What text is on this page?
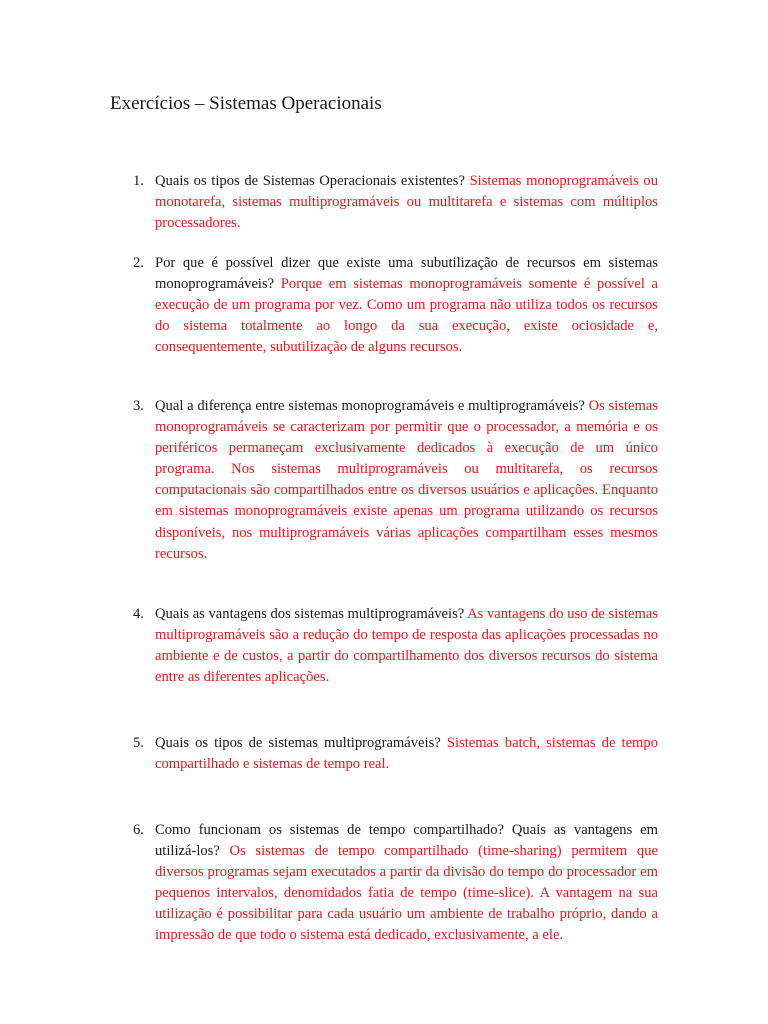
Exercícios – Sistemas Operacionais
1. Quais os tipos de Sistemas Operacionais existentes? Sistemas monoprogramáveis ou monotarefa, sistemas multiprogramáveis ou multitarefa e sistemas com múltiplos processadores.
2. Por que é possível dizer que existe uma subutilização de recursos em sistemas monoprogramáveis? Porque em sistemas monoprogramáveis somente é possível a execução de um programa por vez. Como um programa não utiliza todos os recursos do sistema totalmente ao longo da sua execução, existe ociosidade e, consequentemente, subutilização de alguns recursos.
3. Qual a diferença entre sistemas monoprogramáveis e multiprogramáveis? Os sistemas monoprogramáveis se caracterizam por permitir que o processador, a memória e os periféricos permaneçam exclusivamente dedicados à execução de um único programa. Nos sistemas multiprogramáveis ou multitarefa, os recursos computacionais são compartilhados entre os diversos usuários e aplicações. Enquanto em sistemas monoprogramáveis existe apenas um programa utilizando os recursos disponíveis, nos multiprogramáveis várias aplicações compartilham esses mesmos recursos.
4. Quais as vantagens dos sistemas multiprogramáveis? As vantagens do uso de sistemas multiprogramáveis são a redução do tempo de resposta das aplicações processadas no ambiente e de custos, a partir do compartilhamento dos diversos recursos do sistema entre as diferentes aplicações.
5. Quais os tipos de sistemas multiprogramáveis? Sistemas batch, sistemas de tempo compartilhado e sistemas de tempo real.
6. Como funcionam os sistemas de tempo compartilhado? Quais as vantagens em utilizá-los? Os sistemas de tempo compartilhado (time-sharing) permitem que diversos programas sejam executados a partir da divisão do tempo do processador em pequenos intervalos, denomidados fatia de tempo (time-slice). A vantagem na sua utilização é possibilitar para cada usuário um ambiente de trabalho próprio, dando a impressão de que todo o sistema está dedicado, exclusivamente, a ele.
